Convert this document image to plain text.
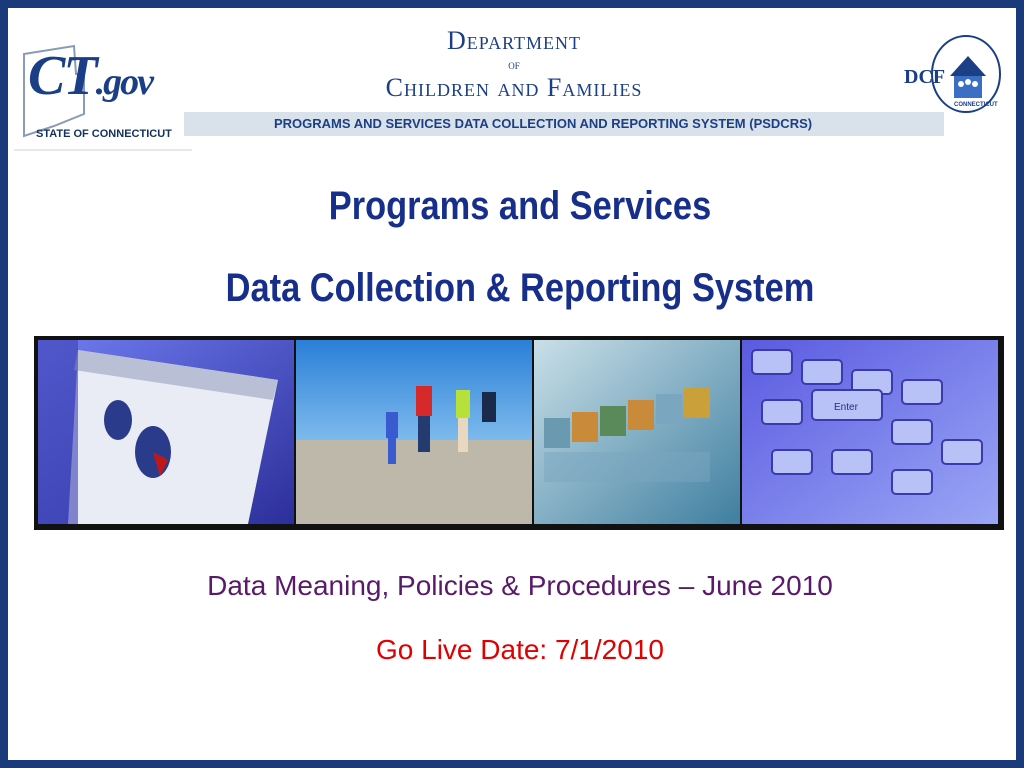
CT.gov
STATE OF CONNECTICUT
PROGRAMS AND SERVICES DATA COLLECTION AND REPORTING SYSTEM (PSDCRS)
Department
of
Children and Families	DCF
CONNECTICUT
Programs and Services
Data Collection & Reporting System
Enter
Data Meaning, Policies & Procedures – June 2010
Go Live Date: 7/1/2010
